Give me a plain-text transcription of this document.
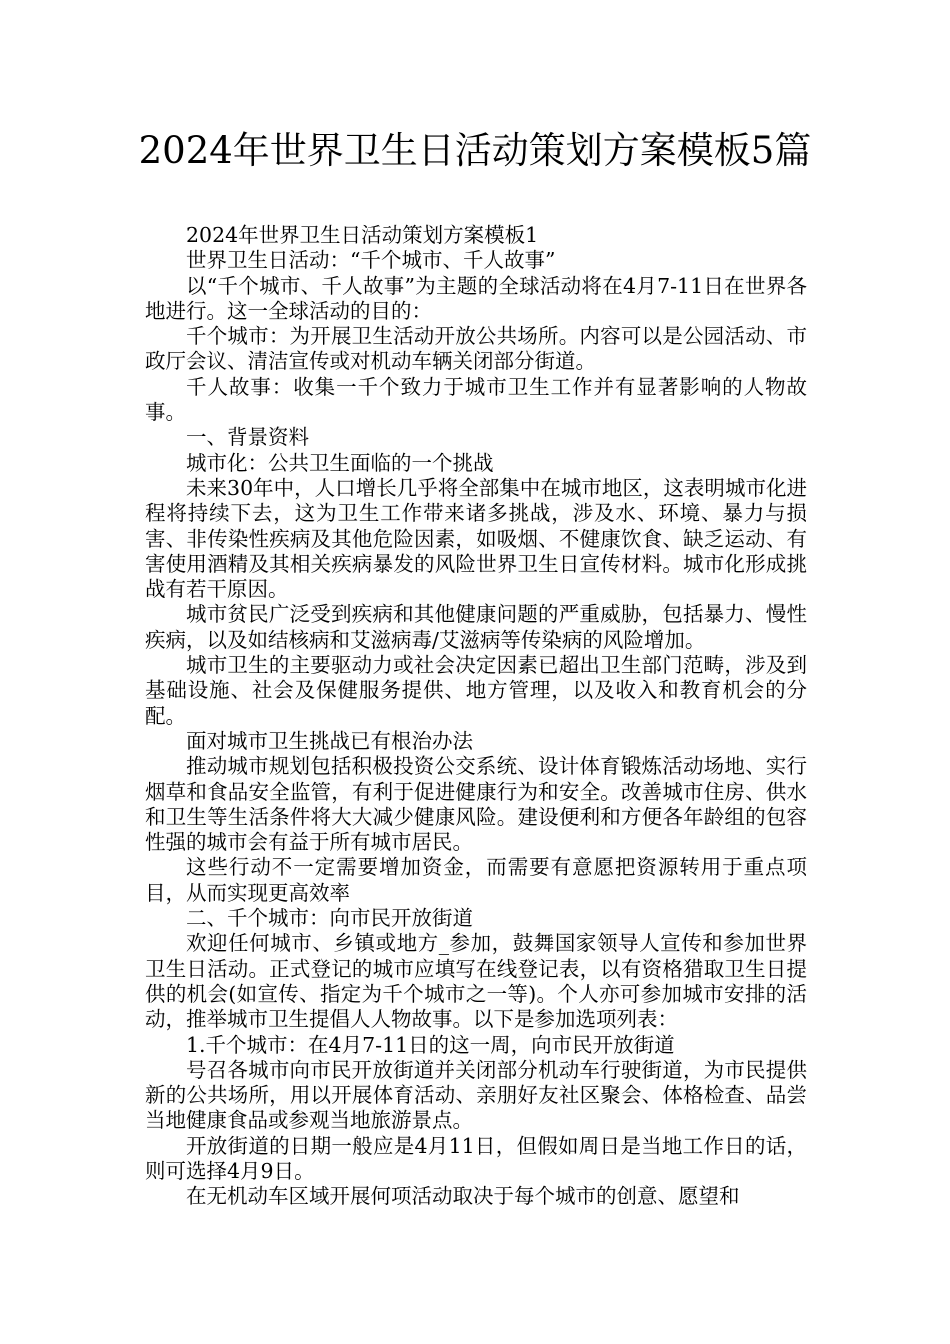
2024年世界卫生日活动策划方案模板5篇

2024年世界卫生日活动策划方案模板1

世界卫生日活动：“千个城市、千人故事”

以“千个城市、千人故事”为主题的全球活动将在4月7-11日在世界各地进行。这一全球活动的目的：

千个城市：为开展卫生活动开放公共场所。内容可以是公园活动、市政厅会议、清洁宣传或对机动车辆关闭部分街道。

千人故事：收集一千个致力于城市卫生工作并有显著影响的人物故事。

一、背景资料

城市化：公共卫生面临的一个挑战

未来30年中，人口增长几乎将全部集中在城市地区，这表明城市化进程将持续下去，这为卫生工作带来诸多挑战，涉及水、环境、暴力与损害、非传染性疾病及其他危险因素，如吸烟、不健康饮食、缺乏运动、有害使用酒精及其相关疾病暴发的风险世界卫生日宣传材料。城市化形成挑战有若干原因。

城市贫民广泛受到疾病和其他健康问题的严重威胁，包括暴力、慢性疾病，以及如结核病和艾滋病毒/艾滋病等传染病的风险增加。

城市卫生的主要驱动力或社会决定因素已超出卫生部门范畴，涉及到基础设施、社会及保健服务提供、地方管理，以及收入和教育机会的分配。

面对城市卫生挑战已有根治办法

推动城市规划包括积极投资公交系统、设计体育锻炼活动场地、实行烟草和食品安全监管，有利于促进健康行为和安全。改善城市住房、供水和卫生等生活条件将大大减少健康风险。建设便利和方便各年龄组的包容性强的城市会有益于所有城市居民。

这些行动不一定需要增加资金，而需要有意愿把资源转用于重点项目，从而实现更高效率

二、千个城市：向市民开放街道

欢迎任何城市、乡镇或地方_参加，鼓舞国家领导人宣传和参加世界卫生日活动。正式登记的城市应填写在线登记表，以有资格猎取卫生日提供的机会(如宣传、指定为千个城市之一等)。个人亦可参加城市安排的活动，推举城市卫生提倡人人物故事。以下是参加选项列表：

1.千个城市：在4月7-11日的这一周，向市民开放街道

号召各城市向市民开放街道并关闭部分机动车行驶街道，为市民提供新的公共场所，用以开展体育活动、亲朋好友社区聚会、体格检查、品尝当地健康食品或参观当地旅游景点。

开放街道的日期一般应是4月11日，但假如周日是当地工作日的话，则可选择4月9日。

在无机动车区域开展何项活动取决于每个城市的创意、愿望和
